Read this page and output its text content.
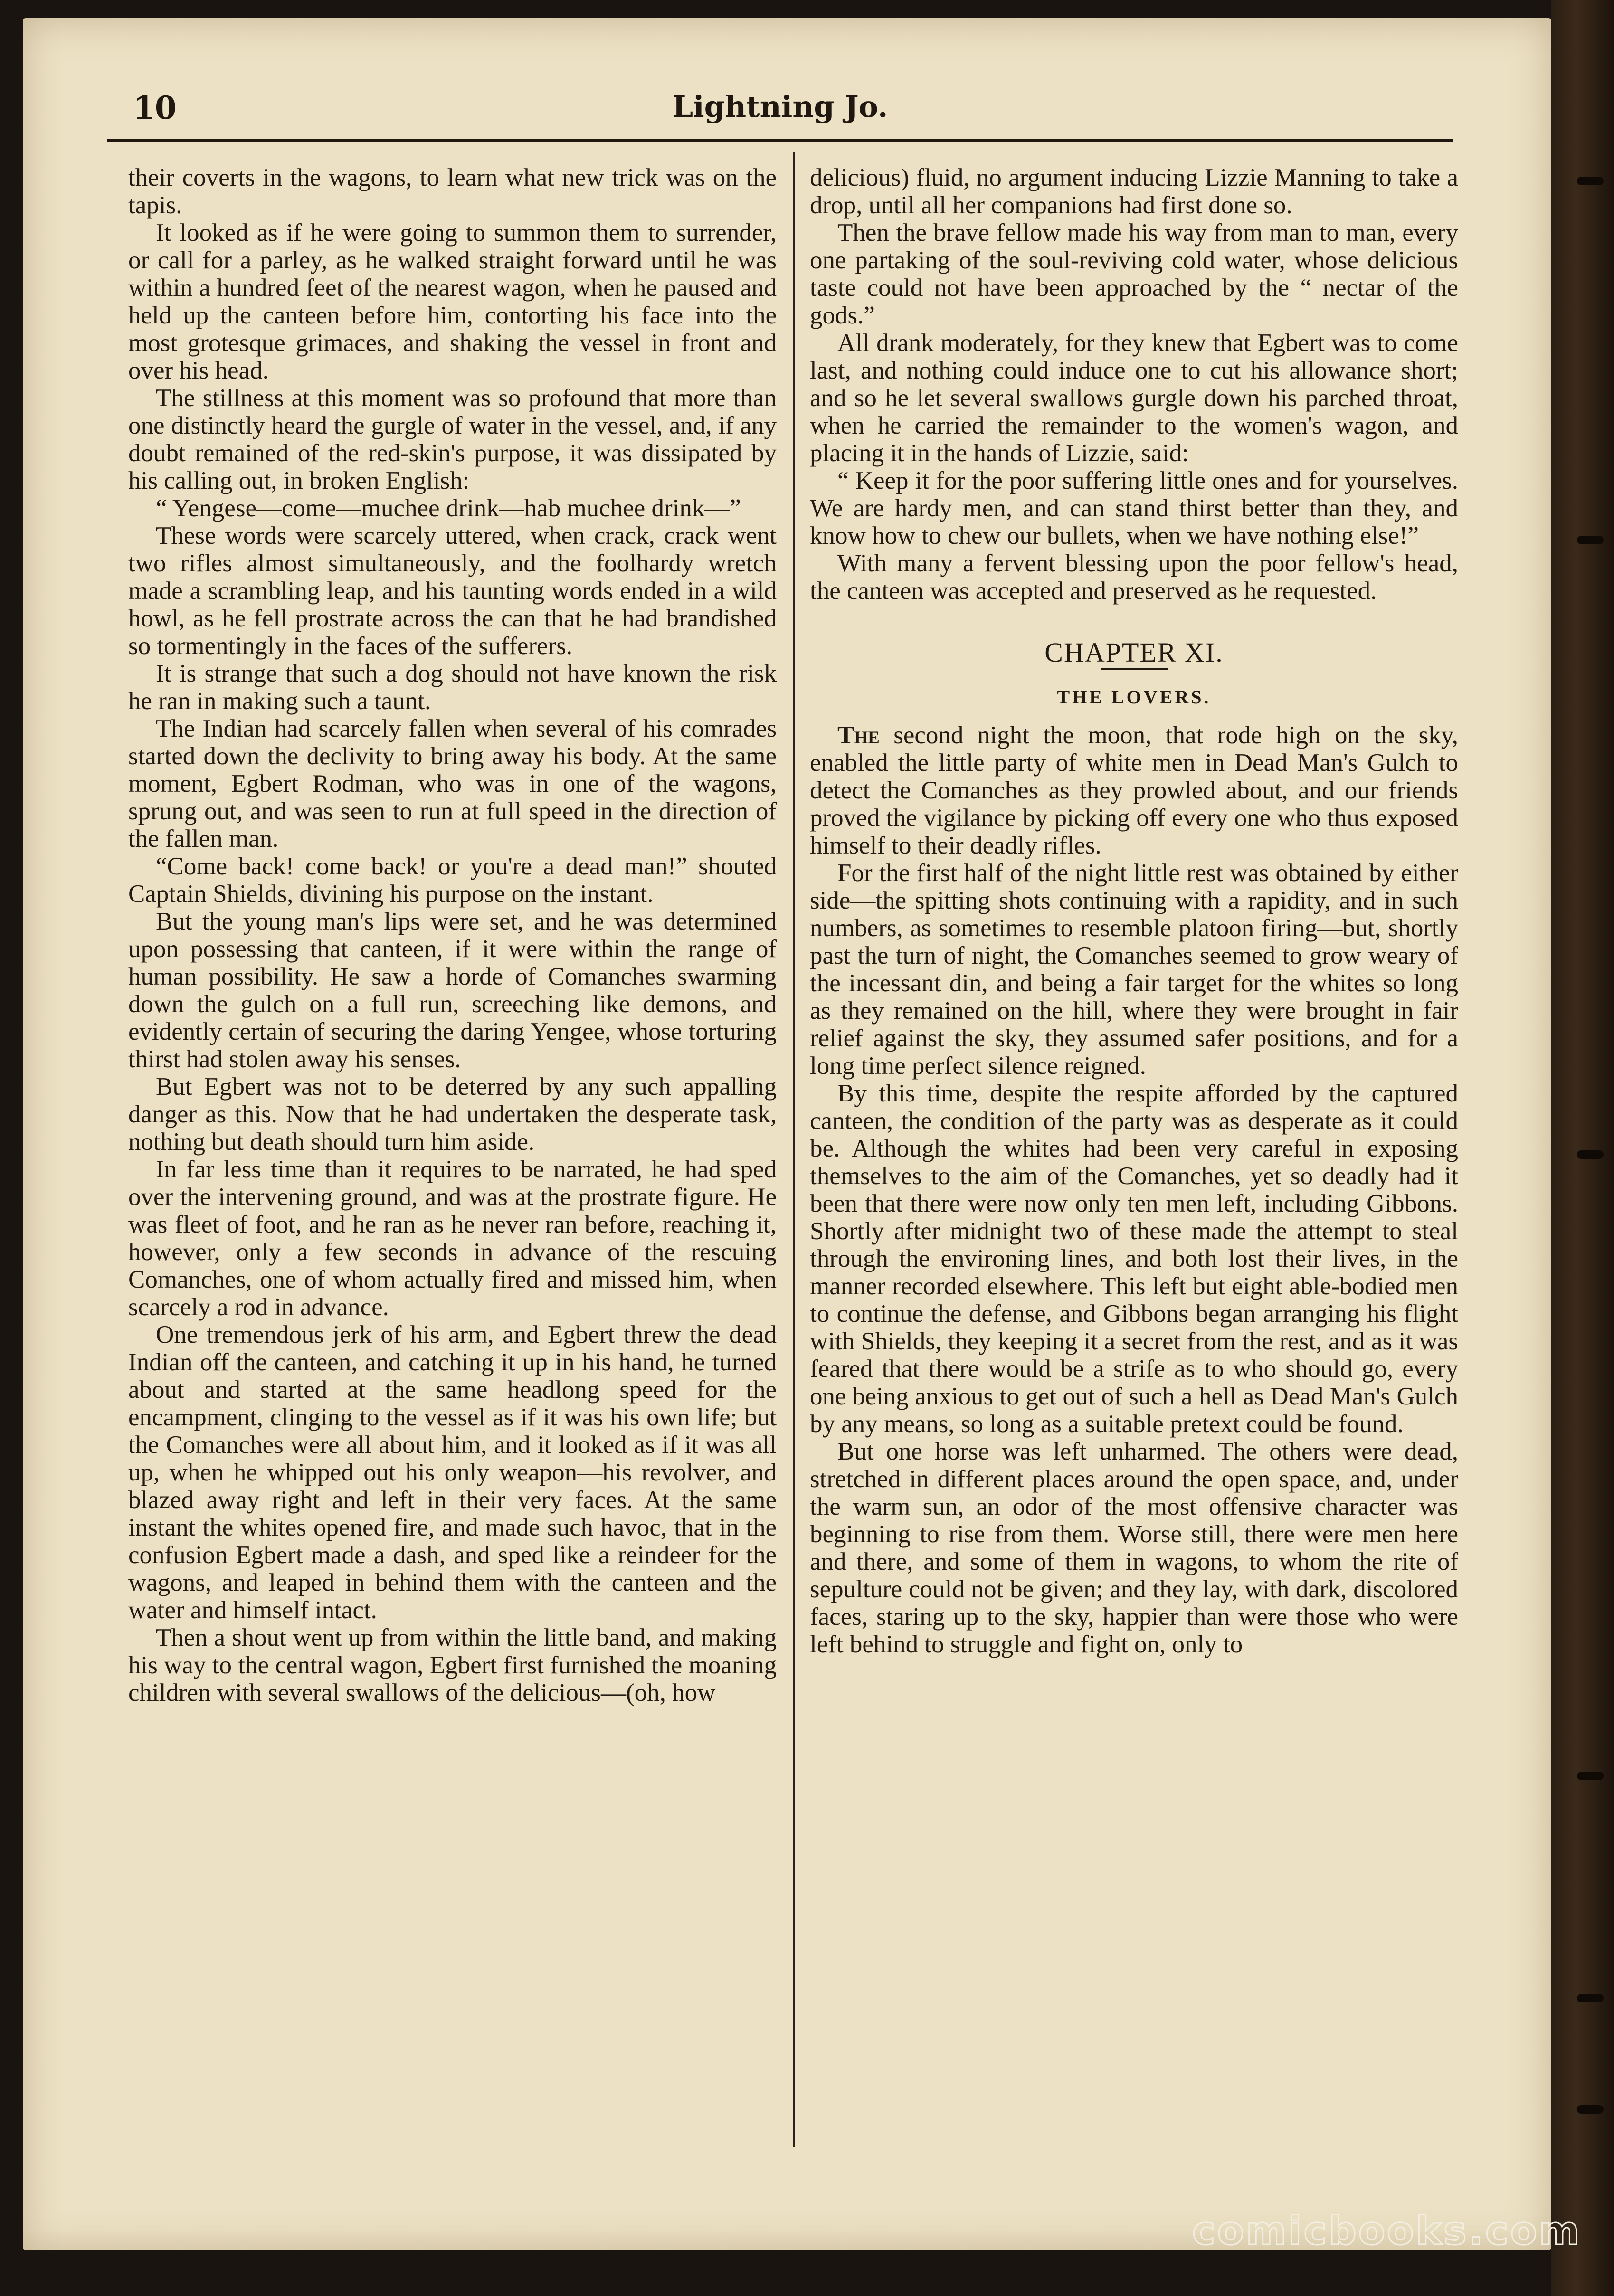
10	Lightning Jo.

their coverts in the wagons, to learn what new trick was on the tapis.

It looked as if he were going to summon them to surrender, or call for a parley, as he walked straight forward until he was within a hundred feet of the nearest wagon, when he paused and held up the canteen before him, contorting his face into the most grotesque grimaces, and shaking the vessel in front and over his head.

The stillness at this moment was so profound that more than one distinctly heard the gurgle of water in the vessel, and, if any doubt remained of the red-skin's purpose, it was dissipated by his calling out, in broken English:

“ Yengese—come—muchee drink—hab muchee drink—”

These words were scarcely uttered, when crack, crack went two rifles almost simultaneously, and the foolhardy wretch made a scrambling leap, and his taunting words ended in a wild howl, as he fell prostrate across the can that he had brandished so tormentingly in the faces of the sufferers.

It is strange that such a dog should not have known the risk he ran in making such a taunt.

The Indian had scarcely fallen when several of his comrades started down the declivity to bring away his body. At the same moment, Egbert Rodman, who was in one of the wagons, sprung out, and was seen to run at full speed in the direction of the fallen man.

“Come back! come back! or you're a dead man!” shouted Captain Shields, divining his purpose on the instant.

But the young man's lips were set, and he was determined upon possessing that canteen, if it were within the range of human possibility. He saw a horde of Comanches swarming down the gulch on a full run, screeching like demons, and evidently certain of securing the daring Yengee, whose torturing thirst had stolen away his senses.

But Egbert was not to be deterred by any such appalling danger as this. Now that he had undertaken the desperate task, nothing but death should turn him aside.

In far less time than it requires to be narrated, he had sped over the intervening ground, and was at the prostrate figure. He was fleet of foot, and he ran as he never ran before, reaching it, however, only a few seconds in advance of the rescuing Comanches, one of whom actually fired and missed him, when scarcely a rod in advance.

One tremendous jerk of his arm, and Egbert threw the dead Indian off the canteen, and catching it up in his hand, he turned about and started at the same headlong speed for the encampment, clinging to the vessel as if it was his own life; but the Comanches were all about him, and it looked as if it was all up, when he whipped out his only weapon—his revolver, and blazed away right and left in their very faces. At the same instant the whites opened fire, and made such havoc, that in the confusion Egbert made a dash, and sped like a reindeer for the wagons, and leaped in behind them with the canteen and the water and himself intact.

Then a shout went up from within the little band, and making his way to the central wagon, Egbert first furnished the moaning children with several swallows of the delicious—(oh, how

delicious) fluid, no argument inducing Lizzie Manning to take a drop, until all her companions had first done so.

Then the brave fellow made his way from man to man, every one partaking of the soul-reviving cold water, whose delicious taste could not have been approached by the “ nectar of the gods.”

All drank moderately, for they knew that Egbert was to come last, and nothing could induce one to cut his allowance short; and so he let several swallows gurgle down his parched throat, when he carried the remainder to the women's wagon, and placing it in the hands of Lizzie, said:

“ Keep it for the poor suffering little ones and for yourselves. We are hardy men, and can stand thirst better than they, and know how to chew our bullets, when we have nothing else!”

With many a fervent blessing upon the poor fellow's head, the canteen was accepted and preserved as he requested.

CHAPTER XI.
THE LOVERS.

The second night the moon, that rode high on the sky, enabled the little party of white men in Dead Man's Gulch to detect the Comanches as they prowled about, and our friends proved the vigilance by picking off every one who thus exposed himself to their deadly rifles.

For the first half of the night little rest was obtained by either side—the spitting shots continuing with a rapidity, and in such numbers, as sometimes to resemble platoon firing—but, shortly past the turn of night, the Comanches seemed to grow weary of the incessant din, and being a fair target for the whites so long as they remained on the hill, where they were brought in fair relief against the sky, they assumed safer positions, and for a long time perfect silence reigned.

By this time, despite the respite afforded by the captured canteen, the condition of the party was as desperate as it could be. Although the whites had been very careful in exposing themselves to the aim of the Comanches, yet so deadly had it been that there were now only ten men left, including Gibbons. Shortly after midnight two of these made the attempt to steal through the environing lines, and both lost their lives, in the manner recorded elsewhere. This left but eight able-bodied men to continue the defense, and Gibbons began arranging his flight with Shields, they keeping it a secret from the rest, and as it was feared that there would be a strife as to who should go, every one being anxious to get out of such a hell as Dead Man's Gulch by any means, so long as a suitable pretext could be found.

But one horse was left unharmed. The others were dead, stretched in different places around the open space, and, under the warm sun, an odor of the most offensive character was beginning to rise from them. Worse still, there were men here and there, and some of them in wagons, to whom the rite of sepulture could not be given; and they lay, with dark, discolored faces, staring up to the sky, happier than were those who were left behind to struggle and fight on, only to

comicbooks.com
